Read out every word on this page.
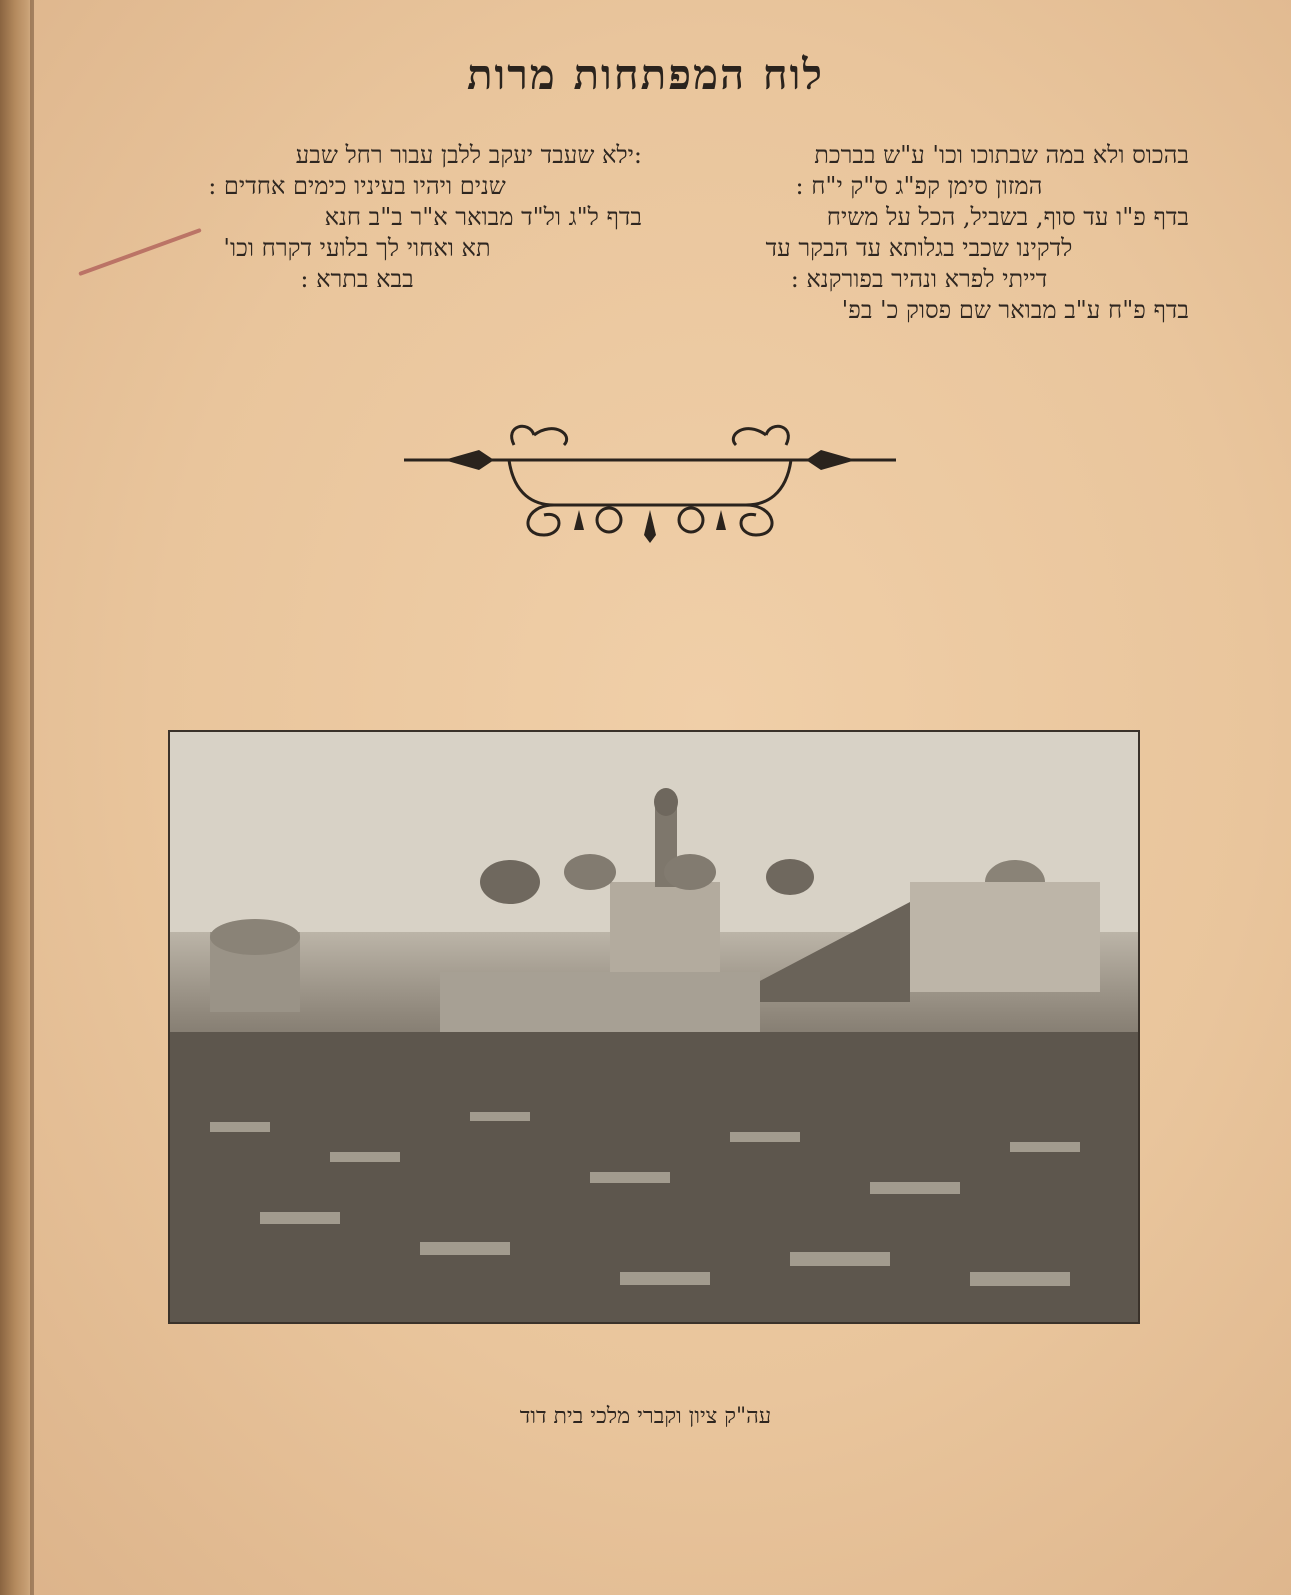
לוח המפתחות מרות
בהכוס ולא במה שבתוכו וכו' ע"ש בברכת
המזון סימן קפ"ג ס"ק י"ח :
בדף פ"ו עד סוף, בשביל, הכל על משיח
לדקינו שכבי בגלותא עד הבקר עד
דייתי לפרא ונהיר בפורקנא :
בדף פ"ח ע"ב מבואר שם פסוק כ' בפ'
:ילא שעבד יעקב ללבן עבור רחל שבע
שנים ויהיו בעיניו כימים אחדים :
בדף ל"ג ול"ד מבואר א"ר ב"ב חנא
תא ואחוי לך בלועי דקרח וכו'
בבא בתרא :
עה"ק ציון וקברי מלכי בית דוד
